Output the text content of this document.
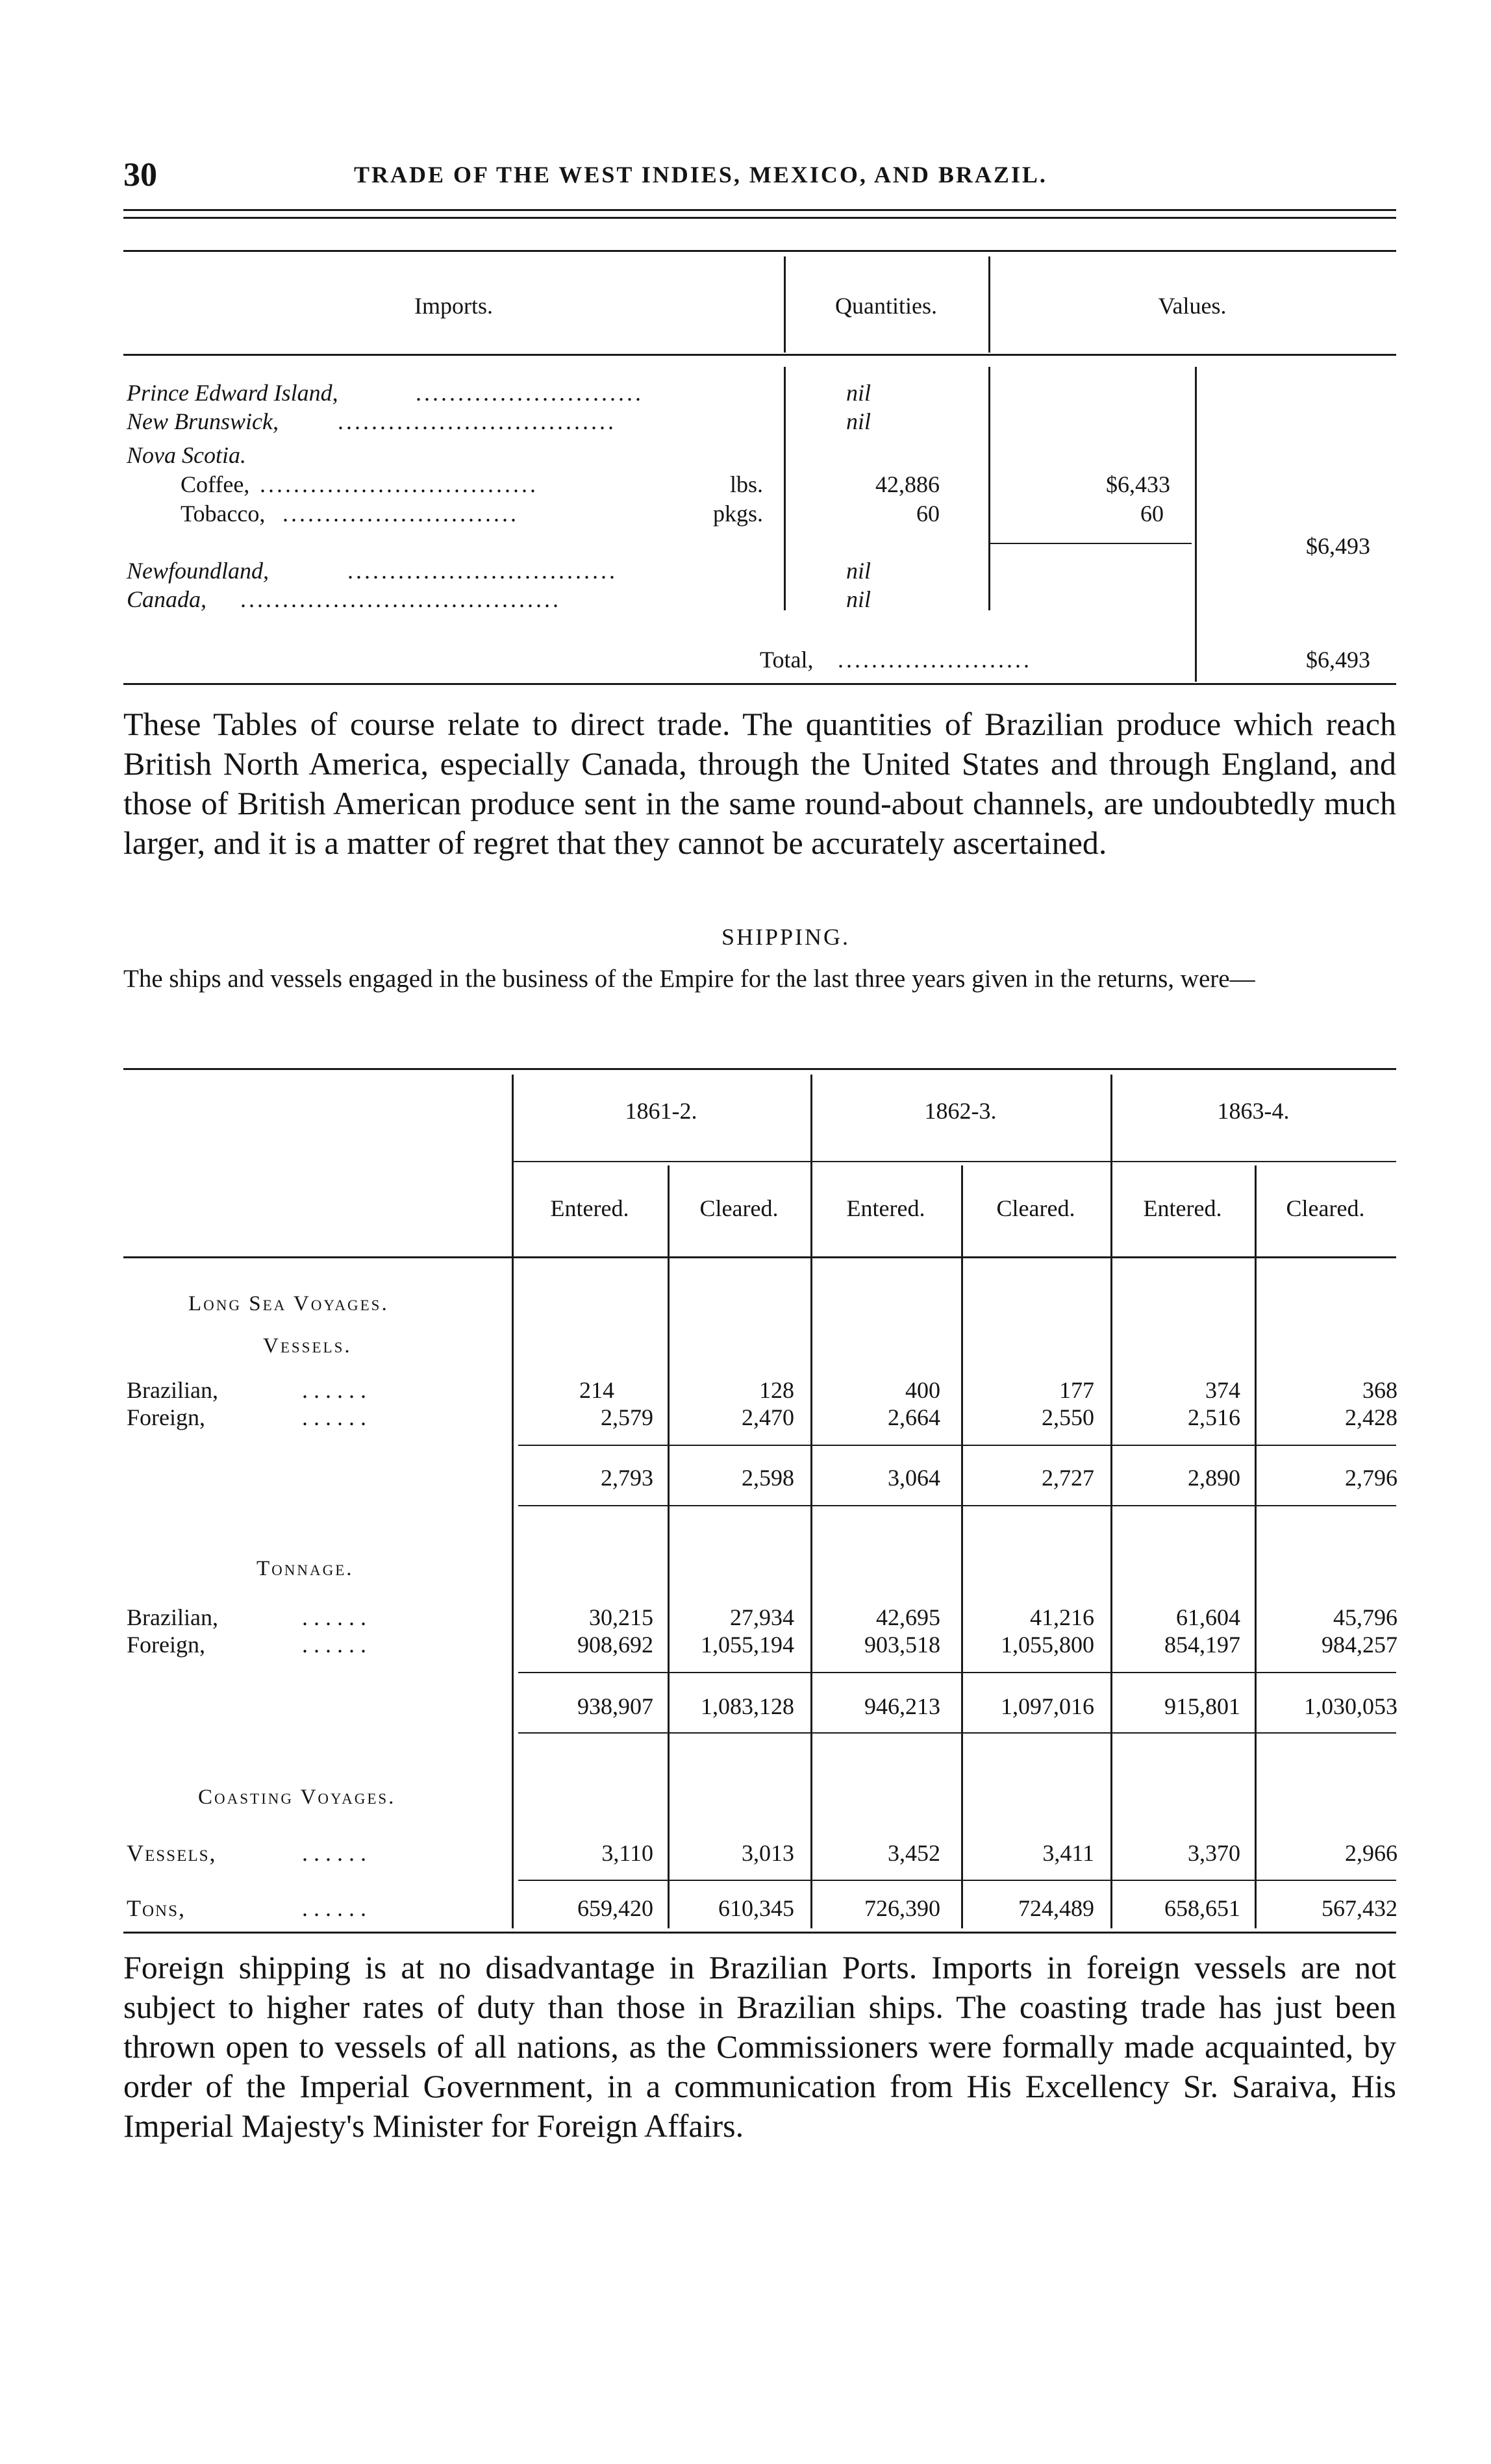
30	TRADE OF THE WEST INDIES, MEXICO, AND BRAZIL.
Imports.	Quantities.	Values.
Prince Edward Island,	...........................	nil
New Brunswick,	.................................	nil
Nova Scotia.
Coffee, .................................	lbs.	42,886	$6,433
Tobacco, ............................	pkgs.	60	60
$6,493
Newfoundland,	................................	nil
Canada, ......................................	nil
Total, .......................	$6,493
These Tables of course relate to direct trade. The quantities of Brazilian produce which reach British North America, especially Canada, through the United States and through England, and those of British American produce sent in the same round-about channels, are undoubtedly much larger, and it is a matter of regret that they cannot be accurately ascertained.
SHIPPING.
The ships and vessels engaged in the business of the Empire for the last three years given in the returns, were—
1861-2.	1862-3.	1863-4.
Entered.	Cleared.	Entered.	Cleared.	Entered.	Cleared.
Long Sea Voyages.
Vessels.
Brazilian,	. . . . . .	214	128	400	177	374	368
Foreign,	. . . . . .	2,579	2,470	2,664	2,550	2,516	2,428
2,793	2,598	3,064	2,727	2,890	2,796
Tonnage.
Brazilian,	. . . . . .	30,215	27,934	42,695	41,216	61,604	45,796
Foreign,	. . . . . .	908,692	1,055,194	903,518	1,055,800	854,197	984,257
938,907	1,083,128	946,213	1,097,016	915,801	1,030,053
Coasting Voyages.
Vessels,	. . . . . .	3,110	3,013	3,452	3,411	3,370	2,966
Tons,	. . . . . .	659,420	610,345	726,390	724,489	658,651	567,432
Foreign shipping is at no disadvantage in Brazilian Ports. Imports in foreign vessels are not subject to higher rates of duty than those in Brazilian ships. The coasting trade has just been thrown open to vessels of all nations, as the Commissioners were formally made acquainted, by order of the Imperial Government, in a communication from His Excellency Sr. Saraiva, His Imperial Majesty's Minister for Foreign Affairs.
